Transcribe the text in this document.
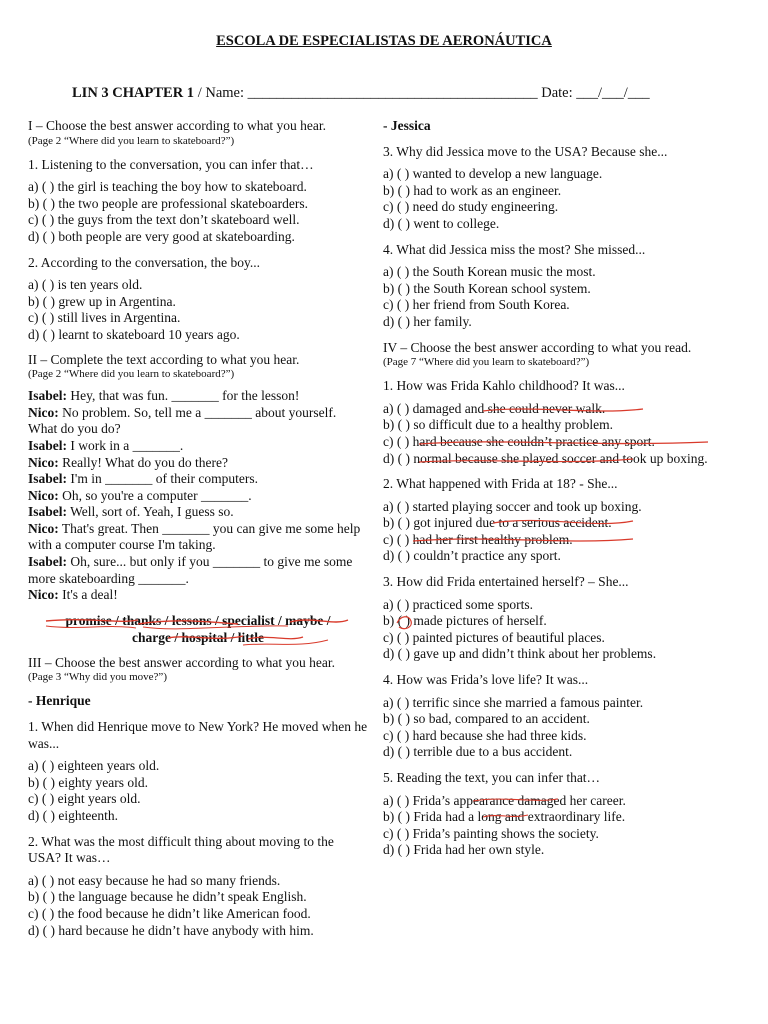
ESCOLA DE ESPECIALISTAS DE AERONÁUTICA
LIN 3 CHAPTER 1 / Name: ________________________________________ Date: ___/___/___
I – Choose the best answer according to what you hear.
(Page 2 “Where did you learn to skateboard?”)
1. Listening to the conversation, you can infer that…
a) ( ) the girl is teaching the boy how to skateboard.
b) ( ) the two people are professional skateboarders.
c) ( ) the guys from the text don’t skateboard well.
d) ( ) both people are very good at skateboarding.
2. According to the conversation, the boy...
a) ( ) is ten years old.
b) ( ) grew up in Argentina.
c) ( ) still lives in Argentina.
d) ( ) learnt to skateboard 10 years ago.
II – Complete the text according to what you hear.
(Page 2 “Where did you learn to skateboard?”)
Isabel: Hey, that was fun. _______ for the lesson!
Nico: No problem. So, tell me a _______ about yourself. What do you do?
Isabel: I work in a _______.
Nico: Really! What do you do there?
Isabel: I'm in _______ of their computers.
Nico: Oh, so you're a computer _______.
Isabel: Well, sort of. Yeah, I guess so.
Nico: That's great. Then _______ you can give me some help with a computer course I'm taking.
Isabel: Oh, sure... but only if you _______ to give me some more skateboarding _______.
Nico: It's a deal!
promise / thanks / lessons / specialist / maybe /
charge / hospital / little
III – Choose the best answer according to what you hear.
(Page 3 “Why did you move?”)
- Henrique
1. When did Henrique move to New York? He moved when he was...
a) ( ) eighteen years old.
b) ( ) eighty years old.
c) ( ) eight years old.
d) ( ) eighteenth.
2. What was the most difficult thing about moving to the USA? It was…
a) ( ) not easy because he had so many friends.
b) ( ) the language because he didn’t speak English.
c) ( ) the food because he didn’t like American food.
d) ( ) hard because he didn’t have anybody with him.
- Jessica
3. Why did Jessica move to the USA? Because she...
a) ( ) wanted to develop a new language.
b) ( ) had to work as an engineer.
c) ( ) need do study engineering.
d) ( ) went to college.
4. What did Jessica miss the most? She missed...
a) ( ) the South Korean music the most.
b) ( ) the South Korean school system.
c) ( ) her friend from South Korea.
d) ( ) her family.
IV – Choose the best answer according to what you read.
(Page 7 “Where did you learn to skateboard?”)
1. How was Frida Kahlo childhood? It was...
a) ( ) damaged and she could never walk.
b) ( ) so difficult due to a healthy problem.
c) ( ) hard because she couldn’t practice any sport.
d) ( ) normal because she played soccer and took up boxing.
2. What happened with Frida at 18? - She...
a) ( ) started playing soccer and took up boxing.
b) ( ) got injured due to a serious accident.
c) ( ) had her first healthy problem.
d) ( ) couldn’t practice any sport.
3. How did Frida entertained herself? – She...
a) ( ) practiced some sports.
b) ( ) made pictures of herself.
c) ( ) painted pictures of beautiful places.
d) ( ) gave up and didn’t think about her problems.
4. How was Frida’s love life? It was...
a) ( ) terrific since she married a famous painter.
b) ( ) so bad, compared to an accident.
c) ( ) hard because she had three kids.
d) ( ) terrible due to a bus accident.
5. Reading the text, you can infer that…
a) ( ) Frida’s appearance damaged her career.
b) ( ) Frida had a long and extraordinary life.
c) ( ) Frida’s painting shows the society.
d) ( ) Frida had her own style.
